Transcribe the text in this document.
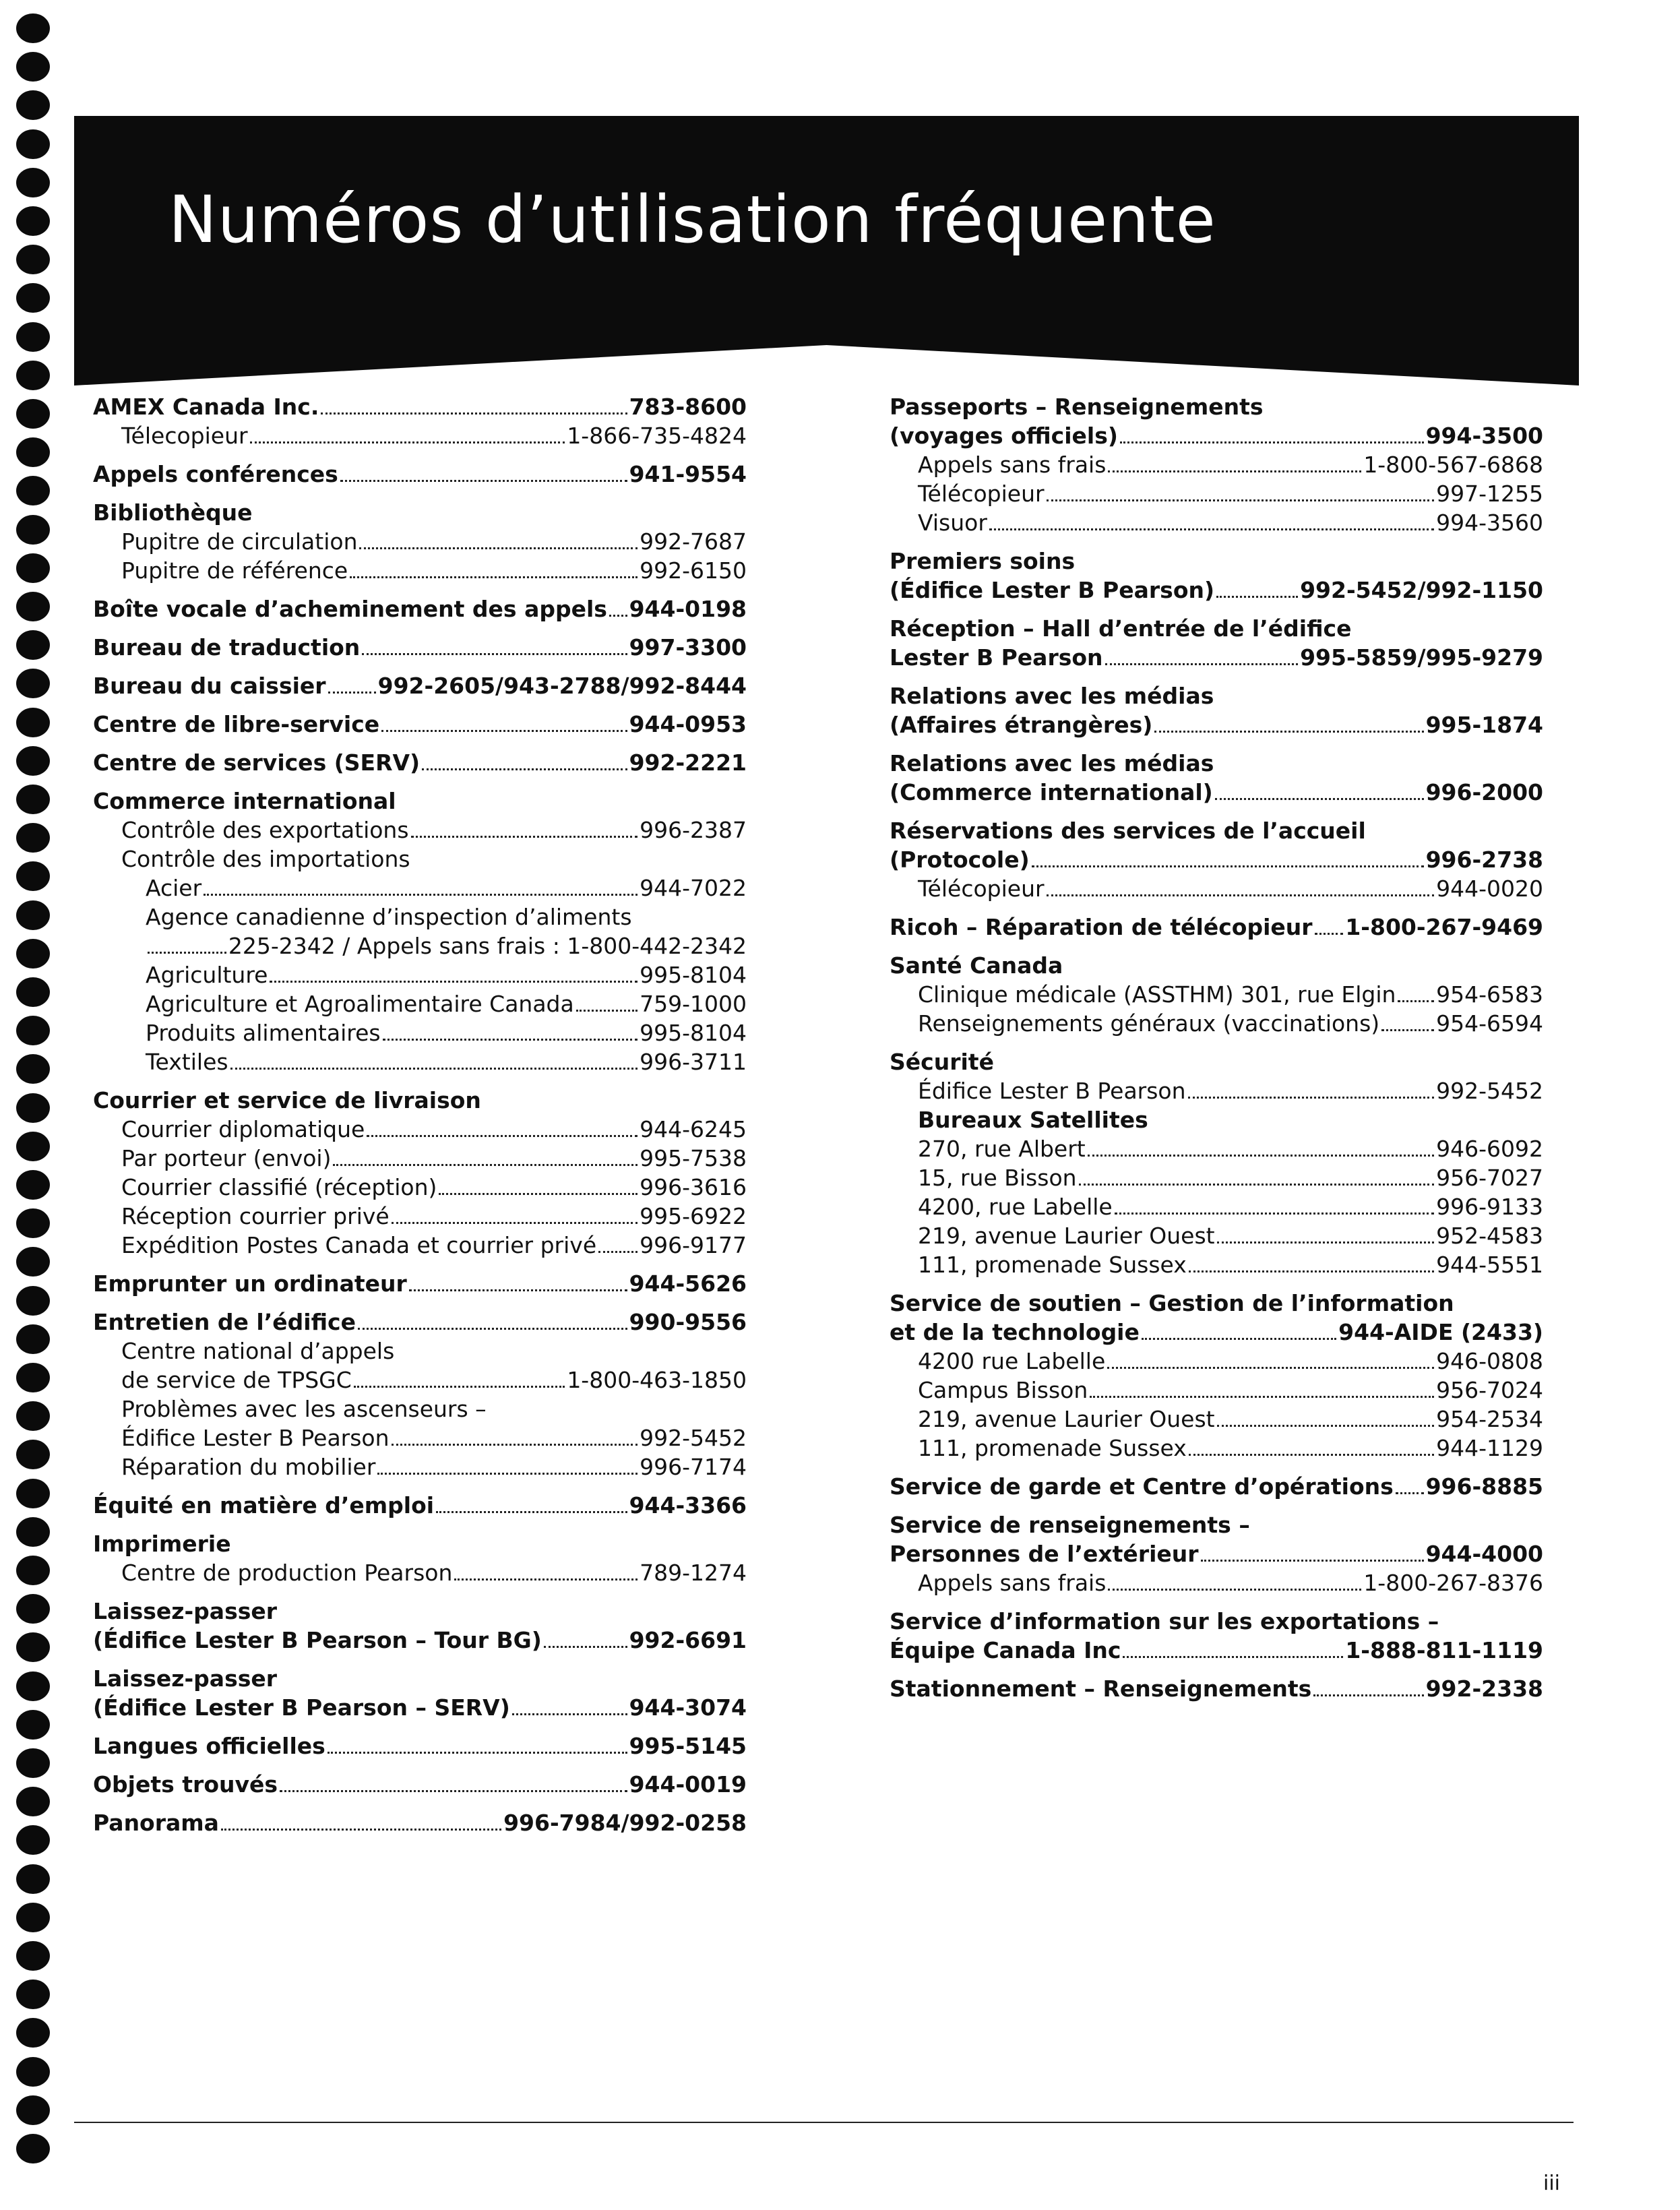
Numéros d’utilisation fréquente
AMEX Canada Inc.	783-8600
Télecopieur	1-866-735-4824
Appels conférences	941-9554
Bibliothèque
Pupitre de circulation	992-7687
Pupitre de référence	992-6150
Boîte vocale d’acheminement des appels 944-0198
Bureau de traduction	997-3300
Bureau du caissier 992-2605/943-2788/992-8444
Centre de libre-service	944-0953
Centre de services (SERV)	992-2221
Commerce international
Contrôle des exportations	996-2387
Contrôle des importations
Acier	944-7022
Agence canadienne d’inspection d’aliments
225-2342 / Appels sans frais : 1-800-442-2342
Agriculture	995-8104
Agriculture et Agroalimentaire Canada	759-1000
Produits alimentaires	995-8104
Textiles	996-3711
Courrier et service de livraison
Courrier diplomatique	944-6245
Par porteur (envoi)	995-7538
Courrier classifié (réception)	996-3616
Réception courrier privé	995-6922
Expédition Postes Canada et courrier privé 996-9177
Emprunter un ordinateur	944-5626
Entretien de l’édifice	990-9556
Centre national d’appels
de service de TPSGC	1-800-463-1850
Problèmes avec les ascenseurs –
Édifice Lester B Pearson	992-5452
Réparation du mobilier	996-7174
Équité en matière d’emploi	944-3366
Imprimerie
Centre de production Pearson	789-1274
Laissez-passer
(Édifice Lester B Pearson – Tour BG)	992-6691
Laissez-passer
(Édifice Lester B Pearson – SERV)	944-3074
Langues officielles	995-5145
Objets trouvés	944-0019
Panorama	996-7984/992-0258
Passeports – Renseignements
(voyages officiels)	994-3500
Appels sans frais	1-800-567-6868
Télécopieur	997-1255
Visuor	994-3560
Premiers soins
(Édifice Lester B Pearson)	992-5452/992-1150
Réception – Hall d’entrée de l’édifice
Lester B Pearson	995-5859/995-9279
Relations avec les médias
(Affaires étrangères)	995-1874
Relations avec les médias
(Commerce international)	996-2000
Réservations des services de l’accueil
(Protocole)	996-2738
Télécopieur	944-0020
Ricoh – Réparation de télécopieur 1-800-267-9469
Santé Canada
Clinique médicale (ASSTHM) 301, rue Elgin 954-6583
Renseignements généraux (vaccinations)	954-6594
Sécurité
Édifice Lester B Pearson	992-5452
Bureaux Satellites
270, rue Albert	946-6092
15, rue Bisson	956-7027
4200, rue Labelle	996-9133
219, avenue Laurier Ouest	952-4583
111, promenade Sussex	944-5551
Service de soutien – Gestion de l’information
et de la technologie	944-AIDE (2433)
4200 rue Labelle	946-0808
Campus Bisson	956-7024
219, avenue Laurier Ouest	954-2534
111, promenade Sussex	944-1129
Service de garde et Centre d’opérations 996-8885
Service de renseignements –
Personnes de l’extérieur	944-4000
Appels sans frais	1-800-267-8376
Service d’information sur les exportations –
Équipe Canada Inc	1-888-811-1119
Stationnement – Renseignements	992-2338
iii
